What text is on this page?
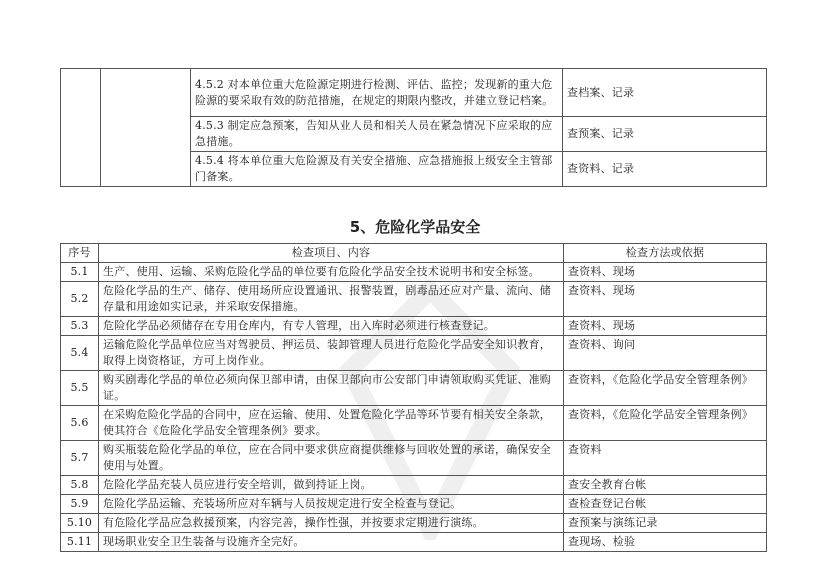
		4.5.2 对本单位重大危险源定期进行检测、评估、监控；发现新的重大危险源的要采取有效的防范措施，在规定的期限内整改，并建立登记档案。	查档案、记录
		4.5.3 制定应急预案，告知从业人员和相关人员在紧急情况下应采取的应急措施。	查预案、记录
		4.5.4 将本单位重大危险源及有关安全措施、应急措施报上级安全主管部门备案。	查资料、记录
5、危险化学品安全
序号	检查项目、内容	检查方法或依据
5.1	生产、使用、运输、采购危险化学品的单位要有危险化学品安全技术说明书和安全标签。	查资料、现场
5.2	危险化学品的生产、储存、使用场所应设置通讯、报警装置，剧毒品还应对产量、流向、储存量和用途如实记录，并采取安保措施。	查资料、现场
5.3	危险化学品必须储存在专用仓库内，有专人管理，出入库时必须进行核查登记。	查资料、现场
5.4	运输危险化学品单位应当对驾驶员、押运员、装卸管理人员进行危险化学品安全知识教育，取得上岗资格证，方可上岗作业。	查资料、询问
5.5	购买剧毒化学品的单位必须向保卫部申请，由保卫部向市公安部门申请领取购买凭证、准购证。	查资料，《危险化学品安全管理条例》
5.6	在采购危险化学品的合同中，应在运输、使用、处置危险化学品等环节要有相关安全条款，使其符合《危险化学品安全管理条例》要求。	查资料，《危险化学品安全管理条例》
5.7	购买瓶装危险化学品的单位，应在合同中要求供应商提供维修与回收处置的承诺，确保安全使用与处置。	查资料
5.8	危险化学品充装人员应进行安全培训，做到持证上岗。	查安全教育台帐
5.9	危险化学品运输、充装场所应对车辆与人员按规定进行安全检查与登记。	查检查登记台帐
5.10	有危险化学品应急救援预案，内容完善，操作性强，并按要求定期进行演练。	查预案与演练记录
5.11	现场职业安全卫生装备与设施齐全完好。	查现场、检验
